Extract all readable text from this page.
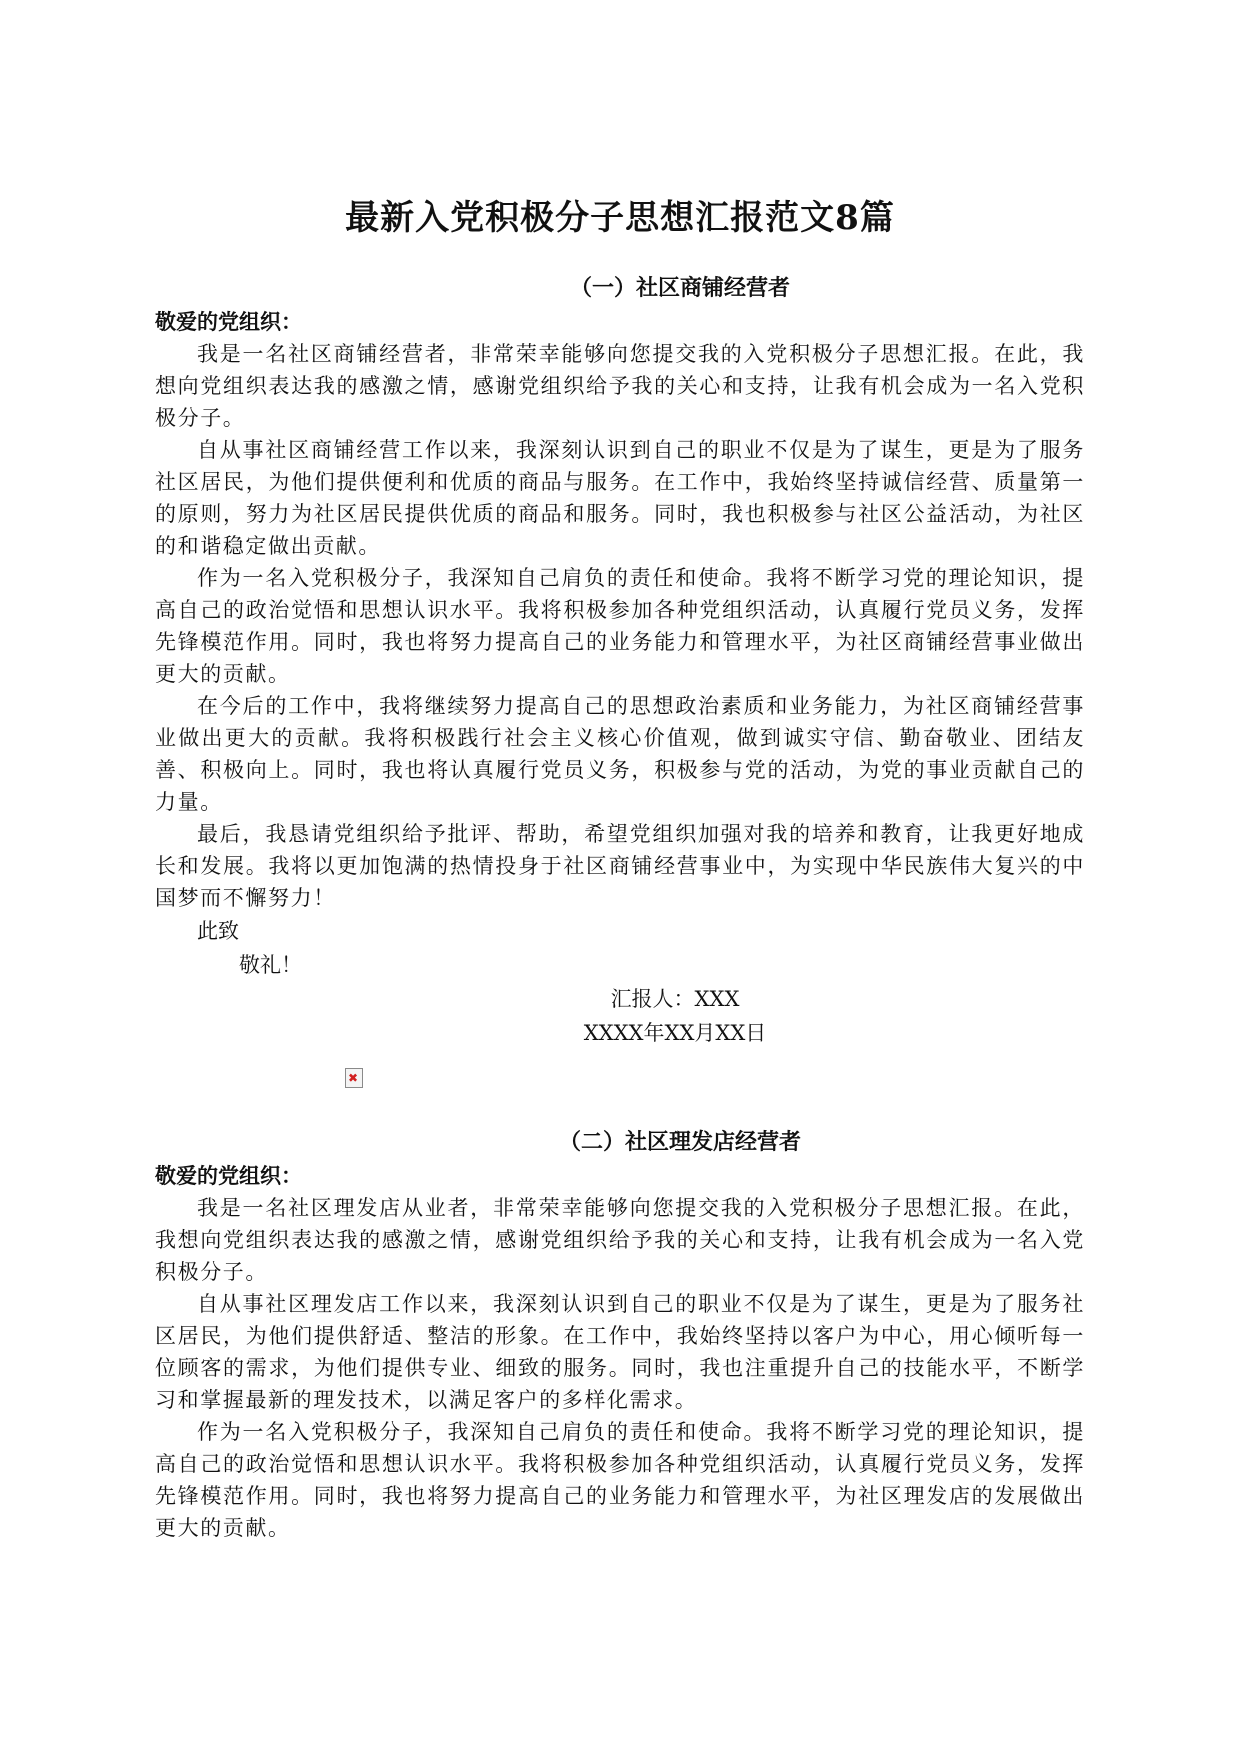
最新入党积极分子思想汇报范文8篇
（一）社区商铺经营者

敬爱的党组织：

我是一名社区商铺经营者，非常荣幸能够向您提交我的入党积极分子思想汇报。在此，我想向党组织表达我的感激之情，感谢党组织给予我的关心和支持，让我有机会成为一名入党积极分子。

自从事社区商铺经营工作以来，我深刻认识到自己的职业不仅是为了谋生，更是为了服务社区居民，为他们提供便利和优质的商品与服务。在工作中，我始终坚持诚信经营、质量第一的原则，努力为社区居民提供优质的商品和服务。同时，我也积极参与社区公益活动，为社区的和谐稳定做出贡献。

作为一名入党积极分子，我深知自己肩负的责任和使命。我将不断学习党的理论知识，提高自己的政治觉悟和思想认识水平。我将积极参加各种党组织活动，认真履行党员义务，发挥先锋模范作用。同时，我也将努力提高自己的业务能力和管理水平，为社区商铺经营事业做出更大的贡献。

在今后的工作中，我将继续努力提高自己的思想政治素质和业务能力，为社区商铺经营事业做出更大的贡献。我将积极践行社会主义核心价值观，做到诚实守信、勤奋敬业、团结友善、积极向上。同时，我也将认真履行党员义务，积极参与党的活动，为党的事业贡献自己的力量。

最后，我恳请党组织给予批评、帮助，希望党组织加强对我的培养和教育，让我更好地成长和发展。我将以更加饱满的热情投身于社区商铺经营事业中，为实现中华民族伟大复兴的中国梦而不懈努力！

此致

敬礼！

汇报人：XXX

XXXX年XX月XX日

✖
（二）社区理发店经营者

敬爱的党组织：

我是一名社区理发店从业者，非常荣幸能够向您提交我的入党积极分子思想汇报。在此，我想向党组织表达我的感激之情，感谢党组织给予我的关心和支持，让我有机会成为一名入党积极分子。

自从事社区理发店工作以来，我深刻认识到自己的职业不仅是为了谋生，更是为了服务社区居民，为他们提供舒适、整洁的形象。在工作中，我始终坚持以客户为中心，用心倾听每一位顾客的需求，为他们提供专业、细致的服务。同时，我也注重提升自己的技能水平，不断学习和掌握最新的理发技术，以满足客户的多样化需求。

作为一名入党积极分子，我深知自己肩负的责任和使命。我将不断学习党的理论知识，提高自己的政治觉悟和思想认识水平。我将积极参加各种党组织活动，认真履行党员义务，发挥先锋模范作用。同时，我也将努力提高自己的业务能力和管理水平，为社区理发店的发展做出更大的贡献。
